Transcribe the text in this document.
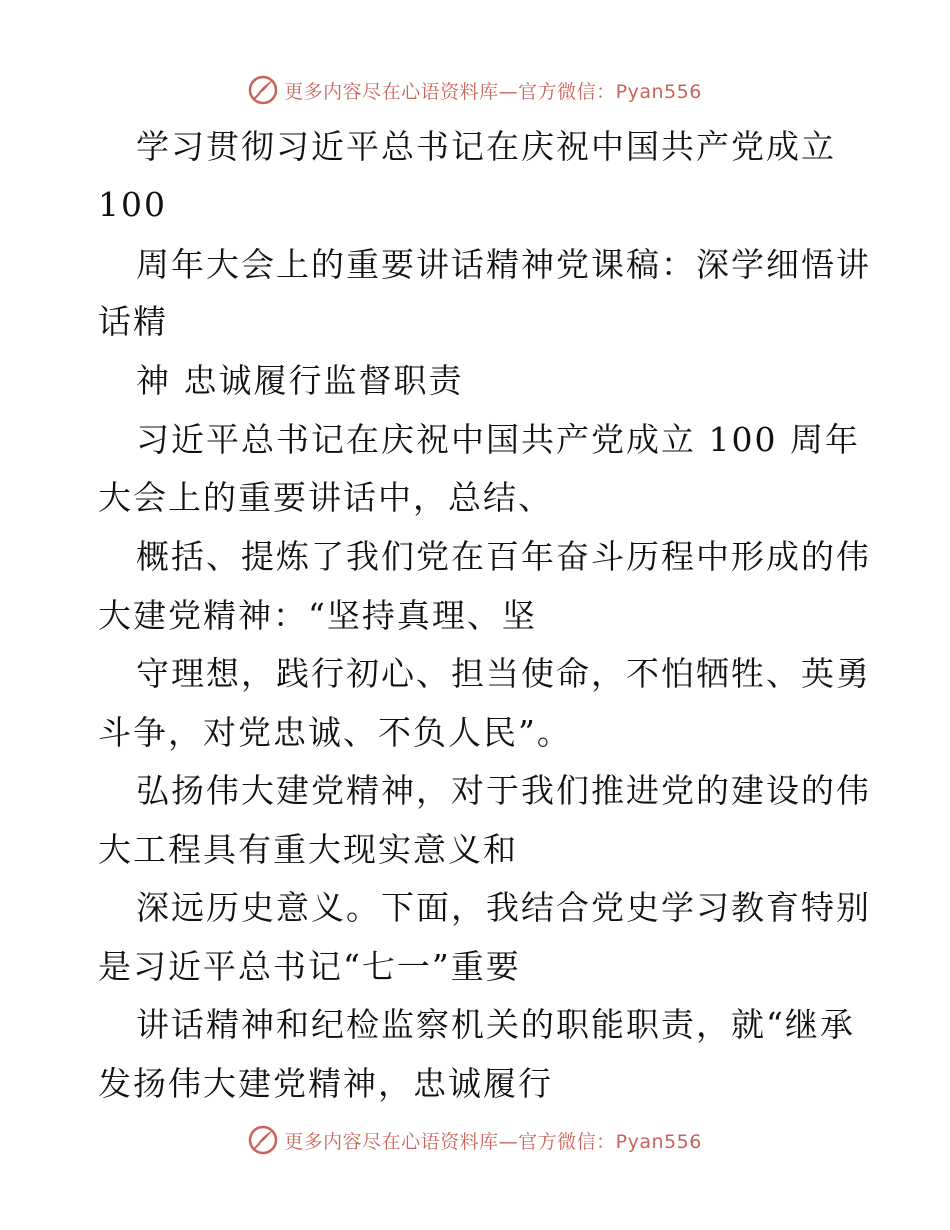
更多内容尽在心语资料库—官方微信：Pyan556
学习贯彻习近平总书记在庆祝中国共产党成立
100
周年大会上的重要讲话精神党课稿：深学细悟讲
话精
神 忠诚履行监督职责
习近平总书记在庆祝中国共产党成立 100 周年
大会上的重要讲话中，总结、
概括、提炼了我们党在百年奋斗历程中形成的伟
大建党精神：“坚持真理、坚
守理想，践行初心、担当使命，不怕牺牲、英勇
斗争，对党忠诚、不负人民”。
弘扬伟大建党精神，对于我们推进党的建设的伟
大工程具有重大现实意义和
深远历史意义。下面，我结合党史学习教育特别
是习近平总书记“七一”重要
讲话精神和纪检监察机关的职能职责，就“继承
发扬伟大建党精神，忠诚履行
更多内容尽在心语资料库—官方微信：Pyan556
